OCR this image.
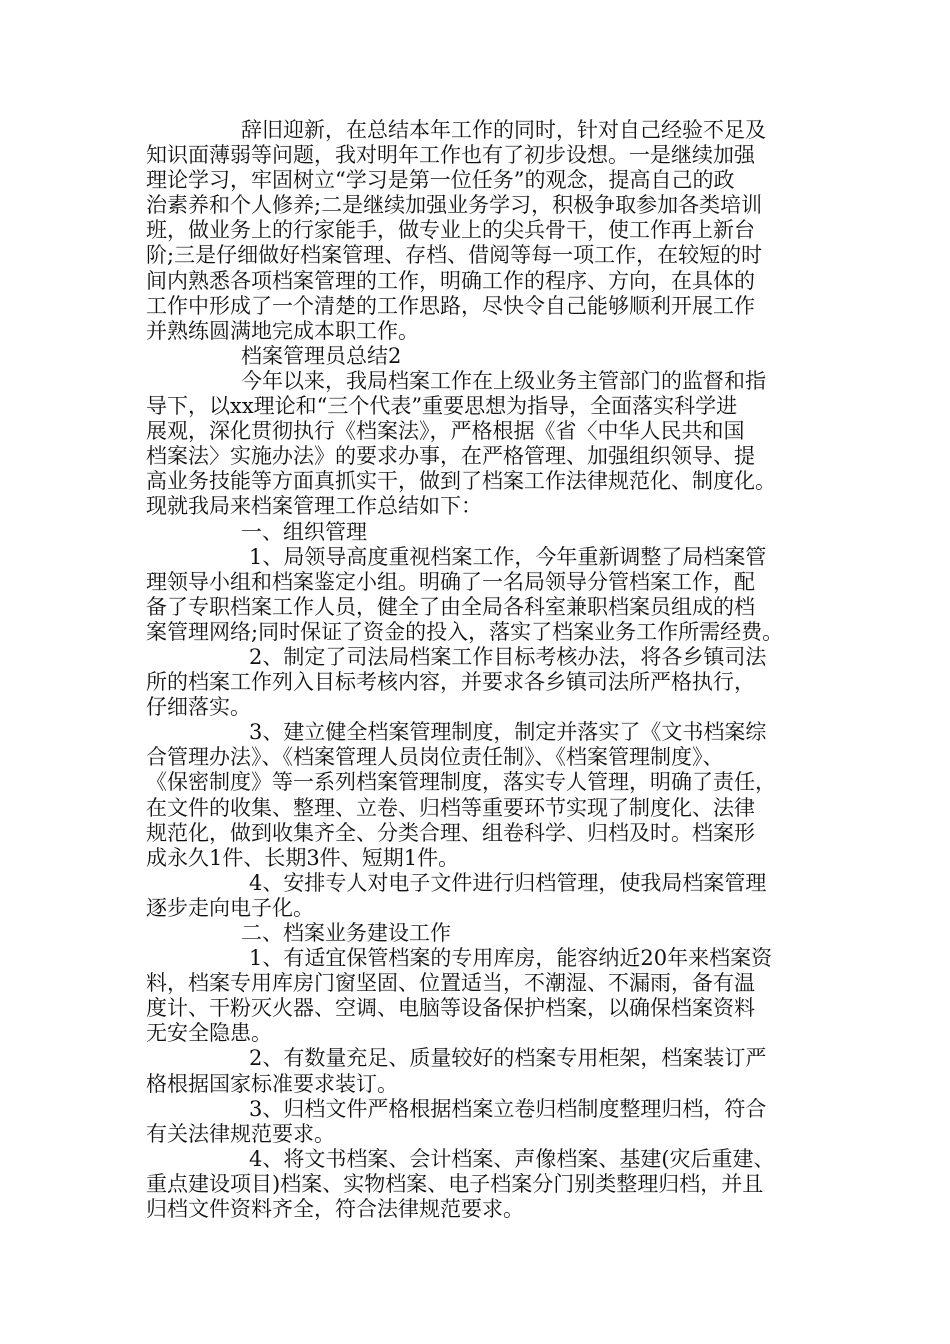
辞旧迎新，在总结本年工作的同时，针对自己经验不足及
知识面薄弱等问题，我对明年工作也有了初步设想。一是继续加强
理论学习，牢固树立“学习是第一位任务”的观念，提高自己的政
治素养和个人修养;二是继续加强业务学习，积极争取参加各类培训
班，做业务上的行家能手，做专业上的尖兵骨干，使工作再上新台
阶;三是仔细做好档案管理、存档、借阅等每一项工作，在较短的时
间内熟悉各项档案管理的工作，明确工作的程序、方向，在具体的
工作中形成了一个清楚的工作思路，尽快令自己能够顺利开展工作
并熟练圆满地完成本职工作。
档案管理员总结2
今年以来，我局档案工作在上级业务主管部门的监督和指
导下，以xx理论和“三个代表”重要思想为指导，全面落实科学进
展观，深化贯彻执行《档案法》，严格根据《省〈中华人民共和国
档案法〉实施办法》的要求办事，在严格管理、加强组织领导、提
高业务技能等方面真抓实干，做到了档案工作法律规范化、制度化。
现就我局来档案管理工作总结如下：
一、组织管理
1、局领导高度重视档案工作，今年重新调整了局档案管
理领导小组和档案鉴定小组。明确了一名局领导分管档案工作，配
备了专职档案工作人员，健全了由全局各科室兼职档案员组成的档
案管理网络;同时保证了资金的投入，落实了档案业务工作所需经费。
2、制定了司法局档案工作目标考核办法，将各乡镇司法
所的档案工作列入目标考核内容，并要求各乡镇司法所严格执行，
仔细落实。
3、建立健全档案管理制度，制定并落实了《文书档案综
合管理办法》、《档案管理人员岗位责任制》、《档案管理制度》、
《保密制度》等一系列档案管理制度，落实专人管理，明确了责任，
在文件的收集、整理、立卷、归档等重要环节实现了制度化、法律
规范化，做到收集齐全、分类合理、组卷科学、归档及时。档案形
成永久1件、长期3件、短期1件。
4、安排专人对电子文件进行归档管理，使我局档案管理
逐步走向电子化。
二、档案业务建设工作
1、有适宜保管档案的专用库房，能容纳近20年来档案资
料，档案专用库房门窗坚固、位置适当，不潮湿、不漏雨，备有温
度计、干粉灭火器、空调、电脑等设备保护档案，以确保档案资料
无安全隐患。
2、有数量充足、质量较好的档案专用柜架，档案装订严
格根据国家标准要求装订。
3、归档文件严格根据档案立卷归档制度整理归档，符合
有关法律规范要求。
4、将文书档案、会计档案、声像档案、基建(灾后重建、
重点建设项目)档案、实物档案、电子档案分门别类整理归档，并且
归档文件资料齐全，符合法律规范要求。
